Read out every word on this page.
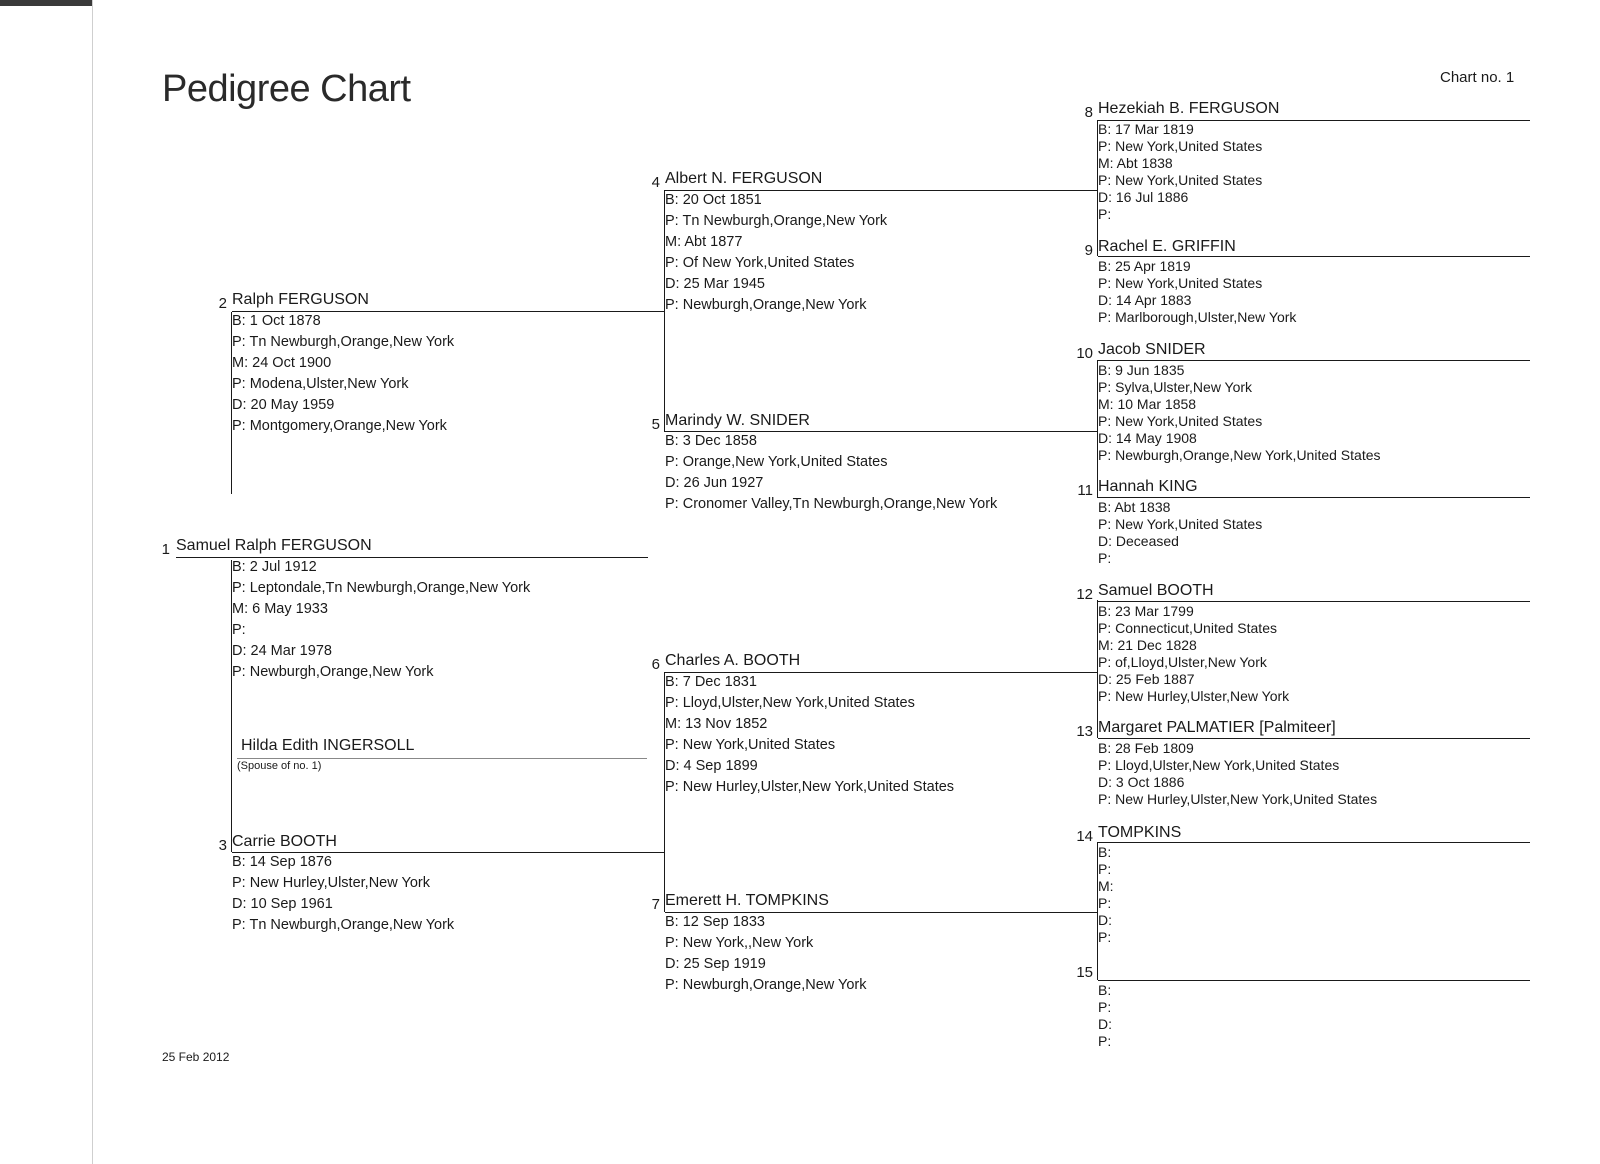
Pedigree Chart	Chart no. 1
25 Feb 2012
Hilda Edith INGERSOLL
(Spouse of no. 1)
1 Samuel Ralph FERGUSON
B: 2 Jul 1912
P: Leptondale,Tn Newburgh,Orange,New York
M: 6 May 1933
P:
D: 24 Mar 1978
P: Newburgh,Orange,New York
2 Ralph FERGUSON
B: 1 Oct 1878
P: Tn Newburgh,Orange,New York
M: 24 Oct 1900
P: Modena,Ulster,New York
D: 20 May 1959
P: Montgomery,Orange,New York
3 Carrie BOOTH
B: 14 Sep 1876
P: New Hurley,Ulster,New York
D: 10 Sep 1961
P: Tn Newburgh,Orange,New York
4 Albert N. FERGUSON
B: 20 Oct 1851
P: Tn Newburgh,Orange,New York
M: Abt 1877
P: Of New York,United States
D: 25 Mar 1945
P: Newburgh,Orange,New York
5 Marindy W. SNIDER
B: 3 Dec 1858
P: Orange,New York,United States
D: 26 Jun 1927
P: Cronomer Valley,Tn Newburgh,Orange,New York
6 Charles A. BOOTH
B: 7 Dec 1831
P: Lloyd,Ulster,New York,United States
M: 13 Nov 1852
P: New York,United States
D: 4 Sep 1899
P: New Hurley,Ulster,New York,United States
7 Emerett H. TOMPKINS
B: 12 Sep 1833
P: New York,,New York
D: 25 Sep 1919
P: Newburgh,Orange,New York
8 Hezekiah B. FERGUSON
B: 17 Mar 1819
P: New York,United States
M: Abt 1838
P: New York,United States
D: 16 Jul 1886
P:
9 Rachel E. GRIFFIN
B: 25 Apr 1819
P: New York,United States
D: 14 Apr 1883
P: Marlborough,Ulster,New York
10 Jacob SNIDER
B: 9 Jun 1835
P: Sylva,Ulster,New York
M: 10 Mar 1858
P: New York,United States
D: 14 May 1908
P: Newburgh,Orange,New York,United States
11 Hannah KING
B: Abt 1838
P: New York,United States
D: Deceased
P:
12 Samuel BOOTH
B: 23 Mar 1799
P: Connecticut,United States
M: 21 Dec 1828
P: of,Lloyd,Ulster,New York
D: 25 Feb 1887
P: New Hurley,Ulster,New York
13 Margaret PALMATIER [Palmiteer]
B: 28 Feb 1809
P: Lloyd,Ulster,New York,United States
D: 3 Oct 1886
P: New Hurley,Ulster,New York,United States
14 TOMPKINS
B:
P:
M:
P:
D:
P:
15
B:
P:
D:
P:
